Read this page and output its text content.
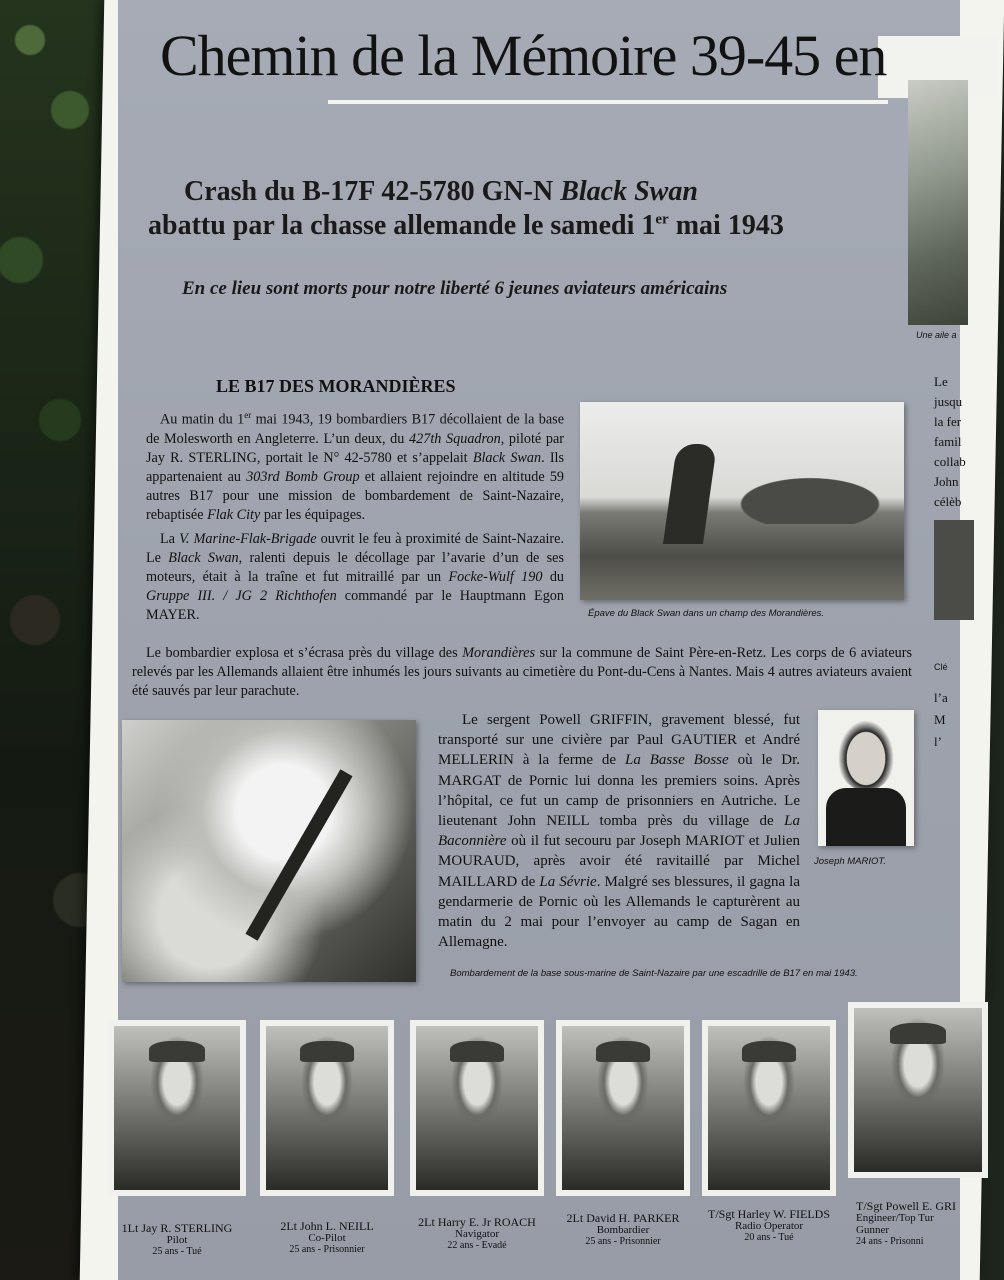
Chemin de la Mémoire 39-45 en
Une aile a
Crash du B-17F 42-5780 GN-N Black Swan
abattu par la chasse allemande le samedi 1er mai 1943
En ce lieu sont morts pour notre liberté 6 jeunes aviateurs américains
LE B17 DES MORANDIÈRES
Au matin du 1er mai 1943, 19 bombardiers B17 décollaient de la base de Molesworth en Angleterre. L’un deux, du 427th Squadron, piloté par Jay R. STERLING, portait le N° 42-5780 et s’appelait Black Swan. Ils appartenaient au 303rd Bomb Group et allaient rejoindre en altitude 59 autres B17 pour une mission de bombardement de Saint-Nazaire, rebaptisée Flak City par les équipages.
La V. Marine-Flak-Brigade ouvrit le feu à proximité de Saint-Nazaire. Le Black Swan, ralenti depuis le décollage par l’avarie d’un de ses moteurs, était à la traîne et fut mitraillé par un Focke-Wulf 190 du Gruppe III. / JG 2 Richthofen commandé par le Hauptmann Egon MAYER.	Épave du Black Swan dans un champ des Morandières.
Le bombardier explosa et s’écrasa près du village des Morandières sur la commune de Saint Père-en-Retz. Les corps de 6 aviateurs relevés par les Allemands allaient être inhumés les jours suivants au cimetière du Pont-du-Cens à Nantes. Mais 4 autres aviateurs avaient été sauvés par leur parachute.
Le sergent Powell GRIFFIN, gravement blessé, fut transporté sur une civière par Paul GAUTIER et André MELLERIN à la ferme de La Basse Bosse où le Dr. MARGAT de Pornic lui donna les premiers soins. Après l’hôpital, ce fut un camp de prisonniers en Autriche. Le lieutenant John NEILL tomba près du village de La Baconnière où il fut secouru par Joseph MARIOT et Julien MOURAUD, après avoir été ravitaillé par Michel MAILLARD de La Sévrie. Malgré ses blessures, il gagna la gendarmerie de Pornic où les Allemands le capturèrent au matin du 2 mai pour l’envoyer au camp de Sagan en Allemagne.
Joseph MARIOT.
Bombardement de la base sous-marine de Saint-Nazaire par une escadrille de B17 en mai 1943.
Le
jusqu
la fer
famil
collab
John
célèb
Clé
l’a
M
l’
1Lt Jay R. STERLING
Pilot
25 ans - Tué
2Lt John L. NEILL
Co-Pilot
25 ans - Prisonnier
2Lt Harry E. Jr ROACH
Navigator
22 ans - Evadé
2Lt David H. PARKER
Bombardier
25 ans - Prisonnier
T/Sgt Harley W. FIELDS
Radio Operator
20 ans - Tué
T/Sgt Powell E. GRI
Engineer/Top Tur
Gunner
24 ans - Prisonni
